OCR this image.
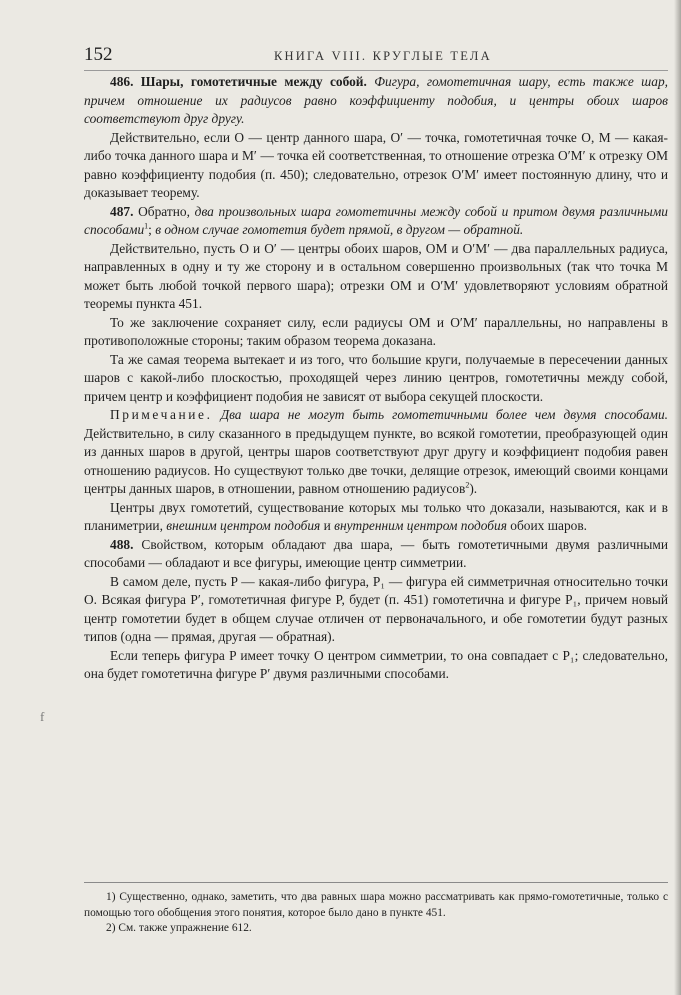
152	КНИГА VIII. КРУГЛЫЕ ТЕЛА

486. Шары, гомотетичные между собой. Фигура, гомотетичная шару, есть также шар, причем отношение их радиусов равно коэффициенту подобия, и центры обоих шаров соответствуют друг другу.

Действительно, если O — центр данного шара, O′ — точка, гомотетичная точке O, M — какая-либо точка данного шара и M′ — точка ей соответственная, то отношение отрезка O′M′ к отрезку OM равно коэффициенту подобия (п. 450); следовательно, отрезок O′M′ имеет постоянную длину, что и доказывает теорему.

487. Обратно, два произвольных шара гомотетичны между собой и притом двумя различными способами$^1$; в одном случае гомотетия будет прямой, в другом — обратной.

Действительно, пусть O и O′ — центры обоих шаров, OM и O′M′ — два параллельных радиуса, направленных в одну и ту же сторону и в остальном совершенно произвольных (так что точка M может быть любой точкой первого шара); отрезки OM и O′M′ удовлетворяют условиям обратной теоремы пункта 451.

То же заключение сохраняет силу, если радиусы OM и O′M′ параллельны, но направлены в противоположные стороны; таким образом теорема доказана.

Та же самая теорема вытекает и из того, что большие круги, получаемые в пересечении данных шаров с какой-либо плоскостью, проходящей через линию центров, гомотетичны между собой, причем центр и коэффициент подобия не зависят от выбора секущей плоскости.

Примечание. Два шара не могут быть гомотетичными более чем двумя способами. Действительно, в силу сказанного в предыдущем пункте, во всякой гомотетии, преобразующей один из данных шаров в другой, центры шаров соответствуют друг другу и коэффициент подобия равен отношению радиусов. Но существуют только две точки, делящие отрезок, имеющий своими концами центры данных шаров, в отношении, равном отношению радиусов$^2$).

Центры двух гомотетий, существование которых мы только что доказали, называются, как и в планиметрии, внешним центром подобия и внутренним центром подобия обоих шаров.

488. Свойством, которым обладают два шара, — быть гомотетичными двумя различными способами — обладают и все фигуры, имеющие центр симметрии.

В самом деле, пусть P — какая-либо фигура, P₁ — фигура ей симметричная относительно точки O. Всякая фигура P′, гомотетичная фигуре P, будет (п. 451) гомотетична и фигуре P₁, причем новый центр гомотетии будет в общем случае отличен от первоначального, и обе гомотетии будут разных типов (одна — прямая, другая — обратная).

Если теперь фигура P имеет точку O центром симметрии, то она совпадает с P₁; следовательно, она будет гомотетична фигуре P′ двумя различными способами.

1) Существенно, однако, заметить, что два равных шара можно рассматривать как прямо-гомотетичные, только с помощью того обобщения этого понятия, которое было дано в пункте 451.

2) См. также упражнение 612.

f
